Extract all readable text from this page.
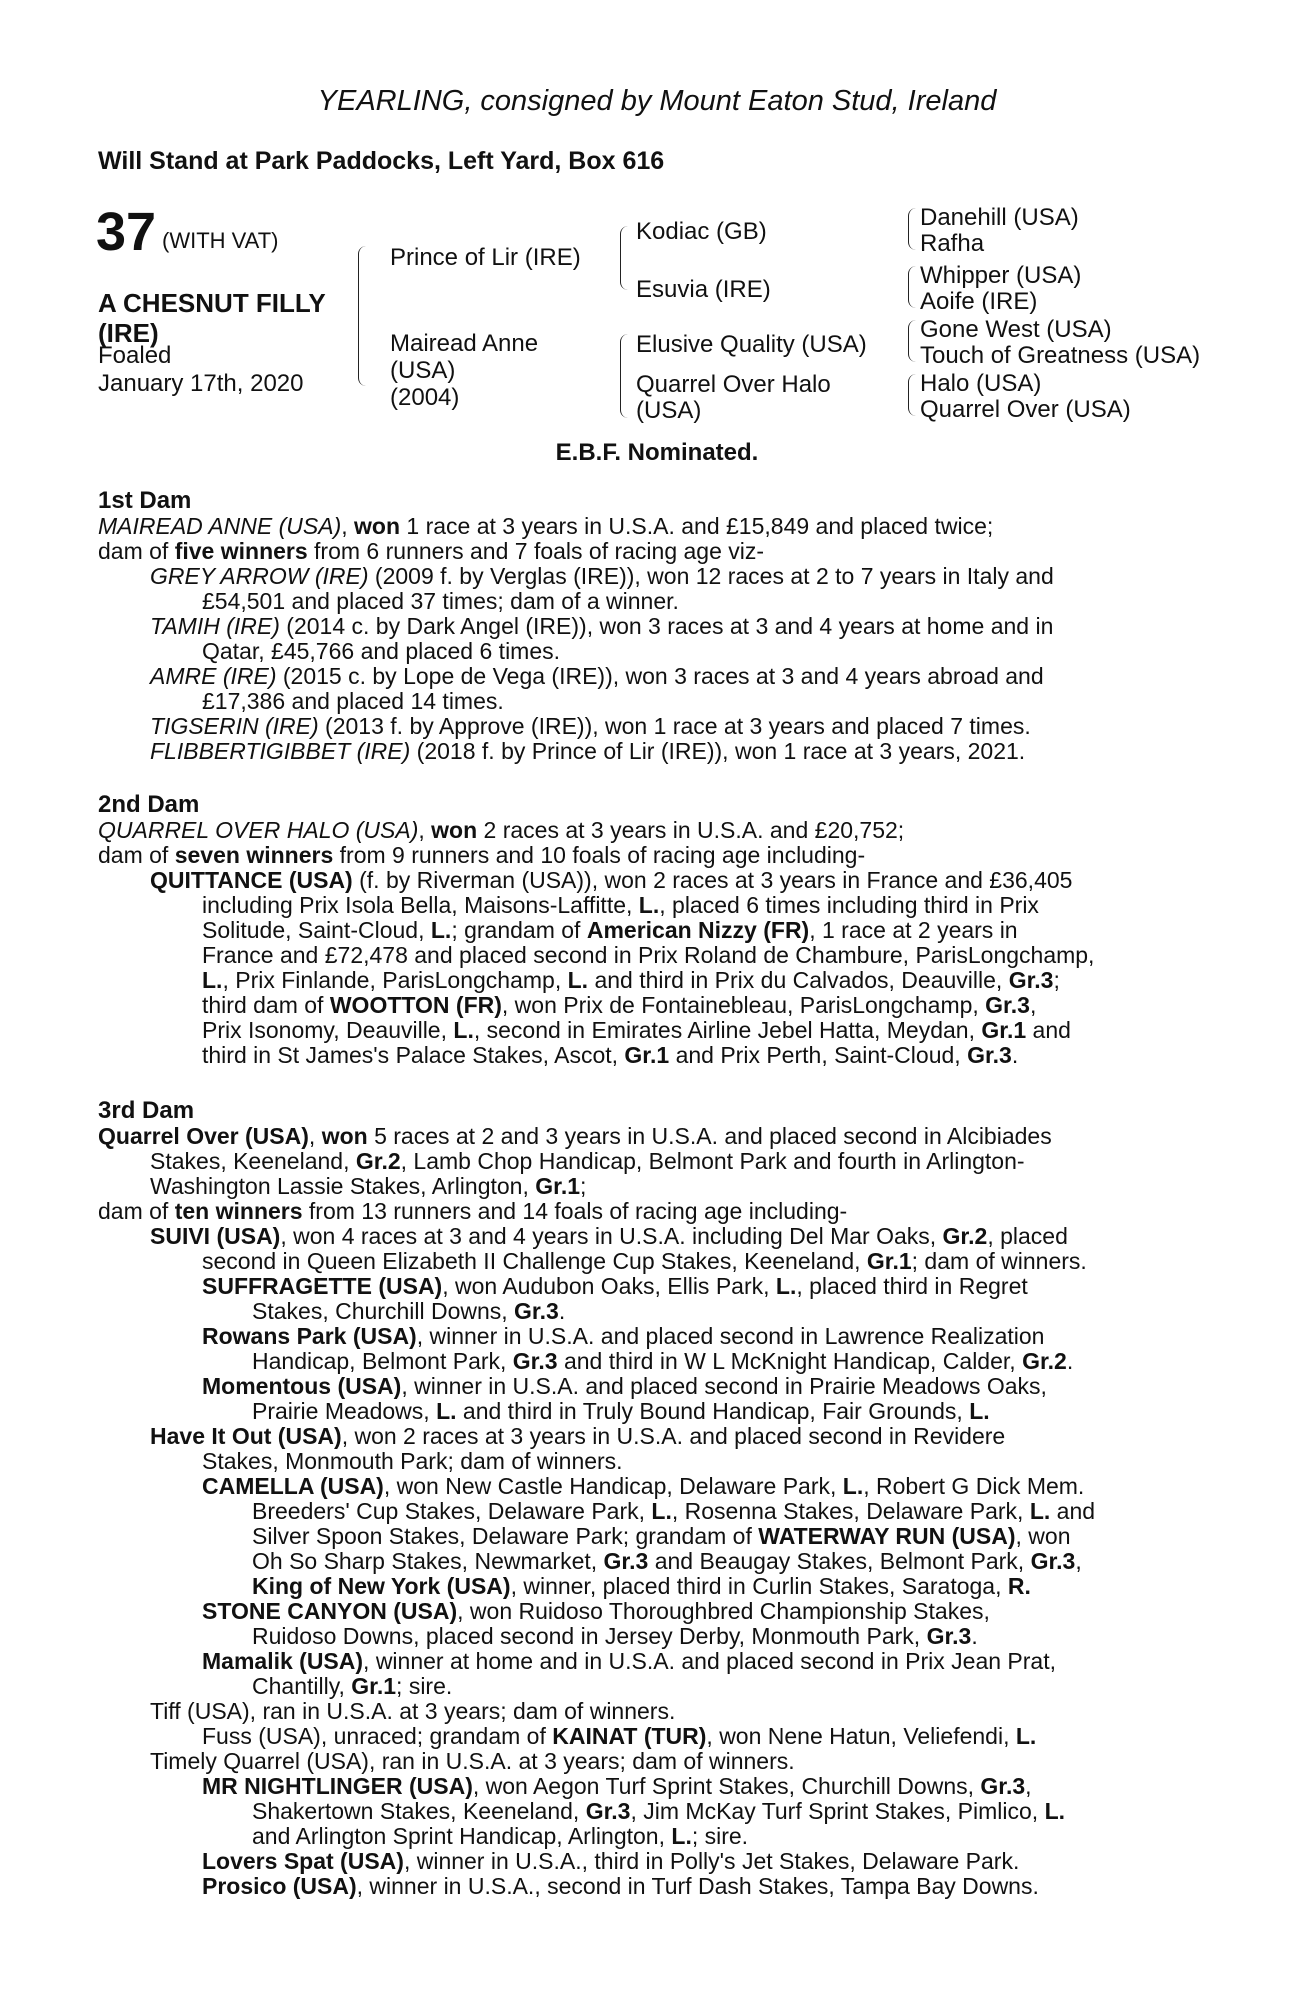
YEARLING, consigned by Mount Eaton Stud, Ireland
Will Stand at Park Paddocks, Left Yard, Box 616
37 (WITH VAT)
A CHESNUT FILLY
(IRE)
Foaled
January 17th, 2020
Prince of Lir (IRE)
Mairead Anne
(USA)
(2004)
Kodiac (GB)
Esuvia (IRE)
Elusive Quality (USA)
Quarrel Over Halo
(USA)
Danehill (USA)
Rafha
Whipper (USA)
Aoife (IRE)
Gone West (USA)
Touch of Greatness (USA)
Halo (USA)
Quarrel Over (USA)
E.B.F. Nominated.
1st Dam
MAIREAD ANNE (USA), won 1 race at 3 years in U.S.A. and £15,849 and placed twice;
dam of five winners from 6 runners and 7 foals of racing age viz-
GREY ARROW (IRE) (2009 f. by Verglas (IRE)), won 12 races at 2 to 7 years in Italy and
£54,501 and placed 37 times; dam of a winner.
TAMIH (IRE) (2014 c. by Dark Angel (IRE)), won 3 races at 3 and 4 years at home and in
Qatar, £45,766 and placed 6 times.
AMRE (IRE) (2015 c. by Lope de Vega (IRE)), won 3 races at 3 and 4 years abroad and
£17,386 and placed 14 times.
TIGSERIN (IRE) (2013 f. by Approve (IRE)), won 1 race at 3 years and placed 7 times.
FLIBBERTIGIBBET (IRE) (2018 f. by Prince of Lir (IRE)), won 1 race at 3 years, 2021.
2nd Dam
QUARREL OVER HALO (USA), won 2 races at 3 years in U.S.A. and £20,752;
dam of seven winners from 9 runners and 10 foals of racing age including-
QUITTANCE (USA) (f. by Riverman (USA)), won 2 races at 3 years in France and £36,405
including Prix Isola Bella, Maisons-Laffitte, L., placed 6 times including third in Prix
Solitude, Saint-Cloud, L.; grandam of American Nizzy (FR), 1 race at 2 years in
France and £72,478 and placed second in Prix Roland de Chambure, ParisLongchamp,
L., Prix Finlande, ParisLongchamp, L. and third in Prix du Calvados, Deauville, Gr.3;
third dam of WOOTTON (FR), won Prix de Fontainebleau, ParisLongchamp, Gr.3,
Prix Isonomy, Deauville, L., second in Emirates Airline Jebel Hatta, Meydan, Gr.1 and
third in St James's Palace Stakes, Ascot, Gr.1 and Prix Perth, Saint-Cloud, Gr.3.
3rd Dam
Quarrel Over (USA), won 5 races at 2 and 3 years in U.S.A. and placed second in Alcibiades
Stakes, Keeneland, Gr.2, Lamb Chop Handicap, Belmont Park and fourth in Arlington-
Washington Lassie Stakes, Arlington, Gr.1;
dam of ten winners from 13 runners and 14 foals of racing age including-
SUIVI (USA), won 4 races at 3 and 4 years in U.S.A. including Del Mar Oaks, Gr.2, placed
second in Queen Elizabeth II Challenge Cup Stakes, Keeneland, Gr.1; dam of winners.
SUFFRAGETTE (USA), won Audubon Oaks, Ellis Park, L., placed third in Regret
Stakes, Churchill Downs, Gr.3.
Rowans Park (USA), winner in U.S.A. and placed second in Lawrence Realization
Handicap, Belmont Park, Gr.3 and third in W L McKnight Handicap, Calder, Gr.2.
Momentous (USA), winner in U.S.A. and placed second in Prairie Meadows Oaks,
Prairie Meadows, L. and third in Truly Bound Handicap, Fair Grounds, L.
Have It Out (USA), won 2 races at 3 years in U.S.A. and placed second in Revidere
Stakes, Monmouth Park; dam of winners.
CAMELLA (USA), won New Castle Handicap, Delaware Park, L., Robert G Dick Mem.
Breeders' Cup Stakes, Delaware Park, L., Rosenna Stakes, Delaware Park, L. and
Silver Spoon Stakes, Delaware Park; grandam of WATERWAY RUN (USA), won
Oh So Sharp Stakes, Newmarket, Gr.3 and Beaugay Stakes, Belmont Park, Gr.3,
King of New York (USA), winner, placed third in Curlin Stakes, Saratoga, R.
STONE CANYON (USA), won Ruidoso Thoroughbred Championship Stakes,
Ruidoso Downs, placed second in Jersey Derby, Monmouth Park, Gr.3.
Mamalik (USA), winner at home and in U.S.A. and placed second in Prix Jean Prat,
Chantilly, Gr.1; sire.
Tiff (USA), ran in U.S.A. at 3 years; dam of winners.
Fuss (USA), unraced; grandam of KAINAT (TUR), won Nene Hatun, Veliefendi, L.
Timely Quarrel (USA), ran in U.S.A. at 3 years; dam of winners.
MR NIGHTLINGER (USA), won Aegon Turf Sprint Stakes, Churchill Downs, Gr.3,
Shakertown Stakes, Keeneland, Gr.3, Jim McKay Turf Sprint Stakes, Pimlico, L.
and Arlington Sprint Handicap, Arlington, L.; sire.
Lovers Spat (USA), winner in U.S.A., third in Polly's Jet Stakes, Delaware Park.
Prosico (USA), winner in U.S.A., second in Turf Dash Stakes, Tampa Bay Downs.
